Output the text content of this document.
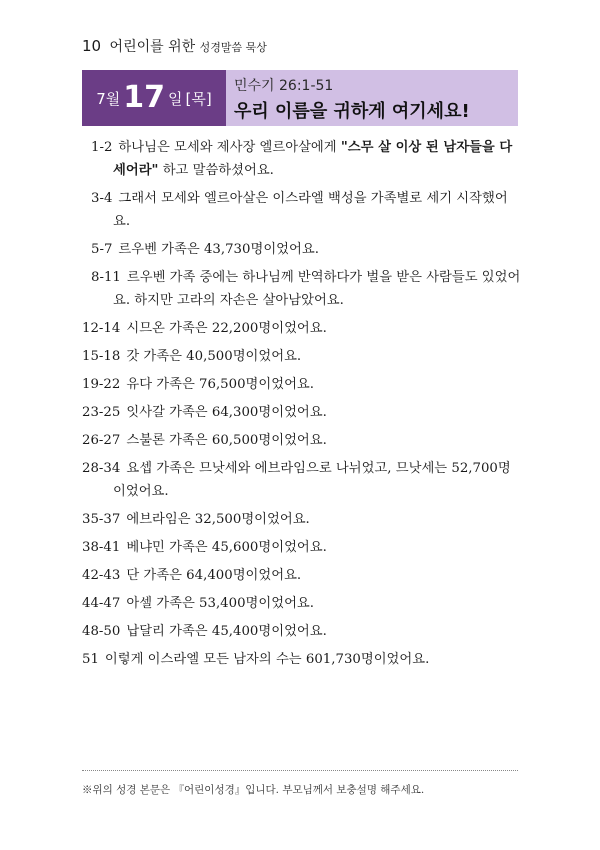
10 어린이를 위한 성경말씀 묵상
7월 17 일 [목]
민수기 26:1-51
우리 이름을 귀하게 여기세요!
1-2 하나님은 모세와 제사장 엘르아살에게 "스무 살 이상 된 남자들을 다 세어라" 하고 말씀하셨어요.
3-4 그래서 모세와 엘르아살은 이스라엘 백성을 가족별로 세기 시작했어요.
5-7 르우벤 가족은 43,730명이었어요.
8-11 르우벤 가족 중에는 하나님께 반역하다가 벌을 받은 사람들도 있었어요. 하지만 고라의 자손은 살아남았어요.
12-14 시므온 가족은 22,200명이었어요.
15-18 갓 가족은 40,500명이었어요.
19-22 유다 가족은 76,500명이었어요.
23-25 잇사갈 가족은 64,300명이었어요.
26-27 스불론 가족은 60,500명이었어요.
28-34 요셉 가족은 므낫세와 에브라임으로 나뉘었고, 므낫세는 52,700명이었어요.
35-37 에브라임은 32,500명이었어요.
38-41 베냐민 가족은 45,600명이었어요.
42-43 단 가족은 64,400명이었어요.
44-47 아셀 가족은 53,400명이었어요.
48-50 납달리 가족은 45,400명이었어요.
51 이렇게 이스라엘 모든 남자의 수는 601,730명이었어요.
※위의 성경 본문은 『어린이성경』입니다. 부모님께서 보충설명 해주세요.
